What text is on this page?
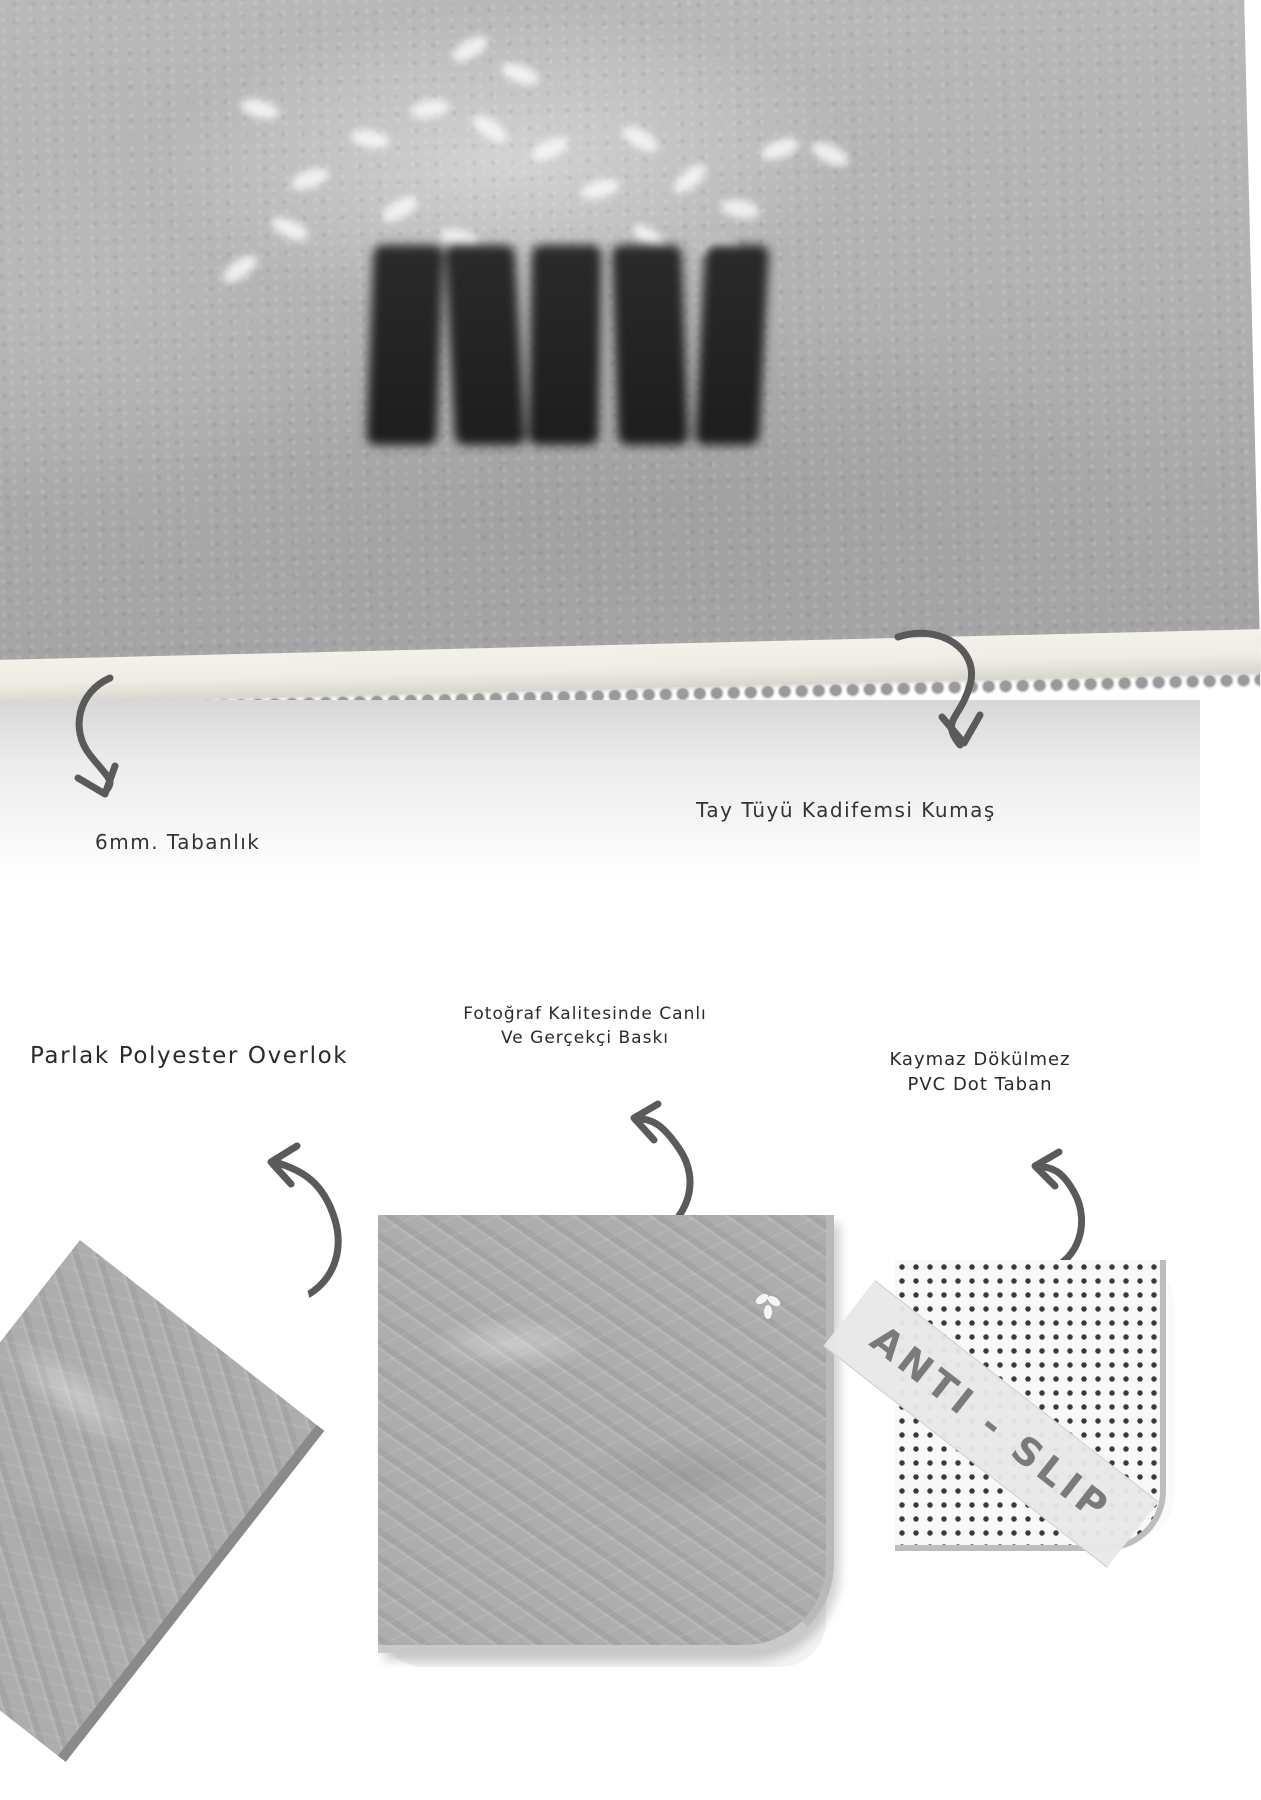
6mm. Tabanlık
Tay Tüyü Kadifemsi Kumaş
Parlak Polyester Overlok
Fotoğraf Kalitesinde Canlı
Ve Gerçekçi Baskı
Kaymaz Dökülmez
PVC Dot Taban
ANTI - SLIP
